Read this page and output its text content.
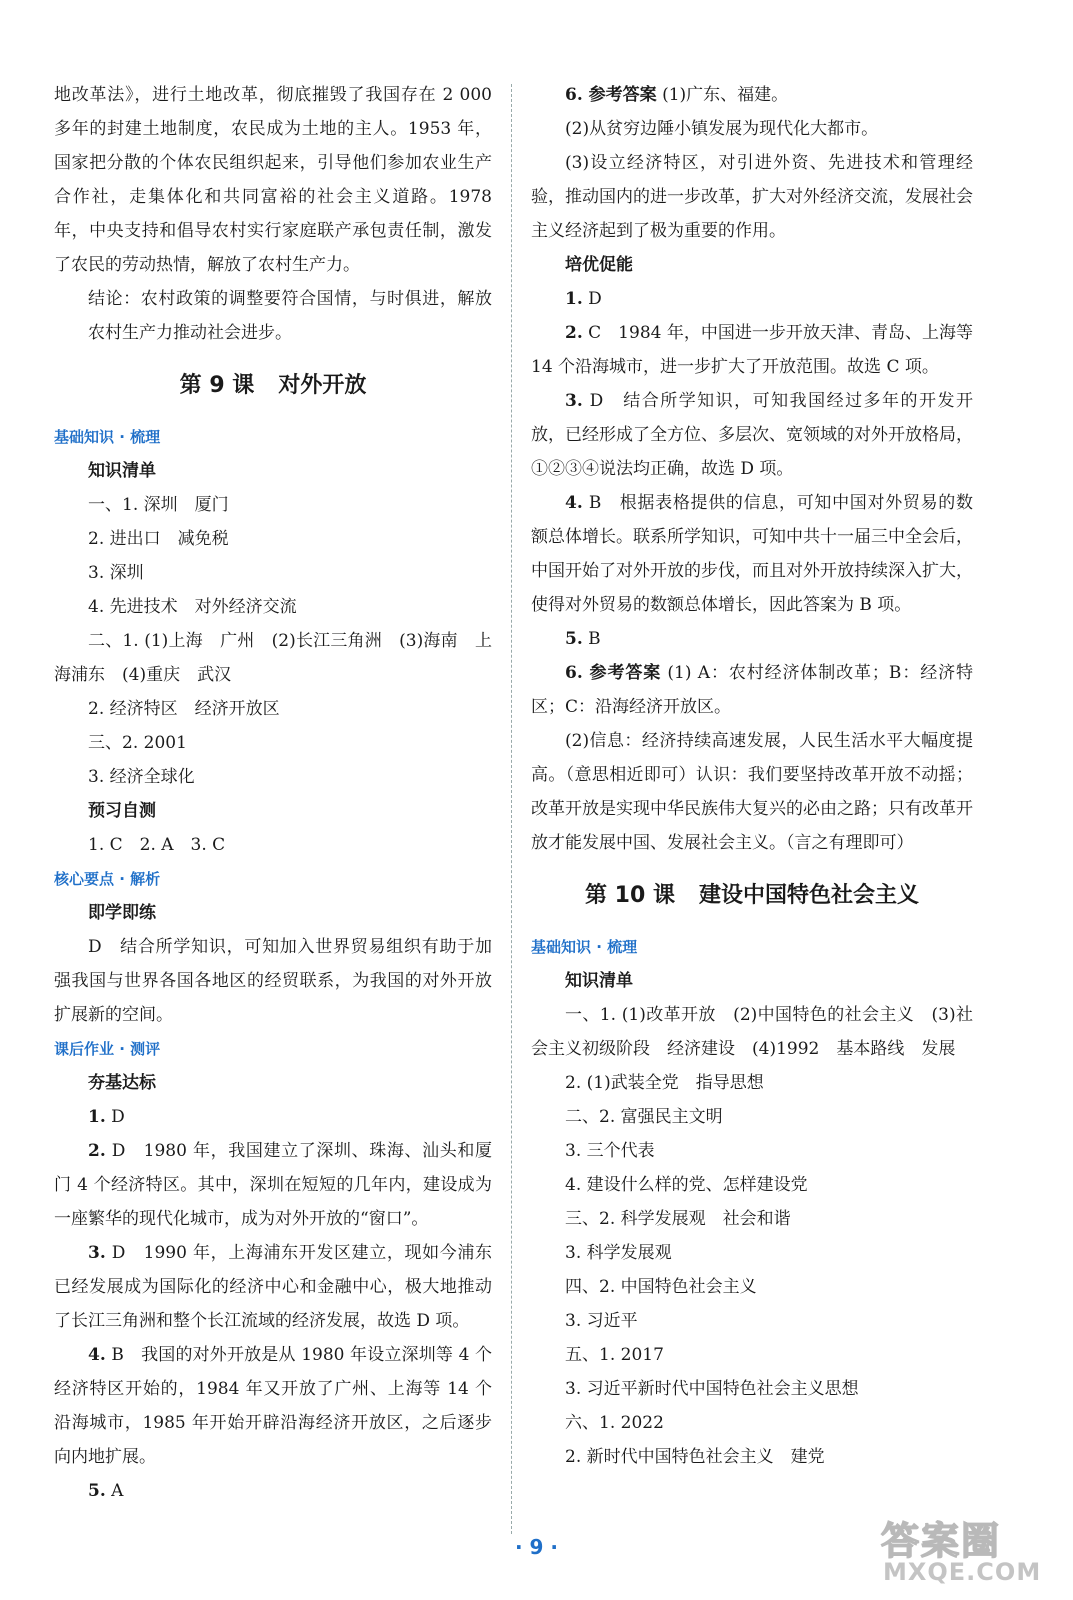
地改革法》，进行土地改革，彻底摧毁了我国存在 2 000 多年的封建土地制度，农民成为土地的主人。1953 年，国家把分散的个体农民组织起来，引导他们参加农业生产合作社，走集体化和共同富裕的社会主义道路。1978 年，中央支持和倡导农村实行家庭联产承包责任制，激发了农民的劳动热情，解放了农村生产力。

结论：农村政策的调整要符合国情，与时俱进，解放农村生产力推动社会进步。

第 9 课 对外开放

基础知识 · 梳理

知识清单

一、1. 深圳　厦门

2. 进出口　减免税

3. 深圳

4. 先进技术　对外经济交流

二、1. (1)上海　广州　(2)长江三角洲　(3)海南　上海浦东　(4)重庆　武汉

2. 经济特区　经济开放区

三、2. 2001

3. 经济全球化

预习自测

1. C　2. A　3. C

核心要点 · 解析

即学即练

D　结合所学知识，可知加入世界贸易组织有助于加强我国与世界各国各地区的经贸联系，为我国的对外开放扩展新的空间。

课后作业 · 测评

夯基达标

1. D

2. D　1980 年，我国建立了深圳、珠海、汕头和厦门 4 个经济特区。其中，深圳在短短的几年内，建设成为一座繁华的现代化城市，成为对外开放的“窗口”。

3. D　1990 年，上海浦东开发区建立，现如今浦东已经发展成为国际化的经济中心和金融中心，极大地推动了长江三角洲和整个长江流域的经济发展，故选 D 项。

4. B　我国的对外开放是从 1980 年设立深圳等 4 个经济特区开始的，1984 年又开放了广州、上海等 14 个沿海城市，1985 年开始开辟沿海经济开放区，之后逐步向内地扩展。

5. A

6. 参考答案 (1)广东、福建。

(2)从贫穷边陲小镇发展为现代化大都市。

(3)设立经济特区，对引进外资、先进技术和管理经验，推动国内的进一步改革，扩大对外经济交流，发展社会主义经济起到了极为重要的作用。

培优促能

1. D

2. C　1984 年，中国进一步开放天津、青岛、上海等 14 个沿海城市，进一步扩大了开放范围。故选 C 项。

3. D　结合所学知识，可知我国经过多年的开发开放，已经形成了全方位、多层次、宽领域的对外开放格局，①②③④说法均正确，故选 D 项。

4. B　根据表格提供的信息，可知中国对外贸易的数额总体增长。联系所学知识，可知中共十一届三中全会后，中国开始了对外开放的步伐，而且对外开放持续深入扩大，使得对外贸易的数额总体增长，因此答案为 B 项。

5. B

6. 参考答案 (1) A：农村经济体制改革；B：经济特区；C：沿海经济开放区。

(2)信息：经济持续高速发展，人民生活水平大幅度提高。（意思相近即可）认识：我们要坚持改革开放不动摇；改革开放是实现中华民族伟大复兴的必由之路；只有改革开放才能发展中国、发展社会主义。（言之有理即可）

第 10 课 建设中国特色社会主义

基础知识 · 梳理

知识清单

一、1. (1)改革开放　(2)中国特色的社会主义　(3)社会主义初级阶段　经济建设　(4)1992　基本路线　发展

2. (1)武装全党　指导思想

二、2. 富强民主文明

3. 三个代表

4. 建设什么样的党、怎样建设党

三、2. 科学发展观　社会和谐

3. 科学发展观

四、2. 中国特色社会主义

3. 习近平

五、1. 2017

3. 习近平新时代中国特色社会主义思想

六、1. 2022

2. 新时代中国特色社会主义　建党

· 9 ·	答案圈
MXQE.COM
